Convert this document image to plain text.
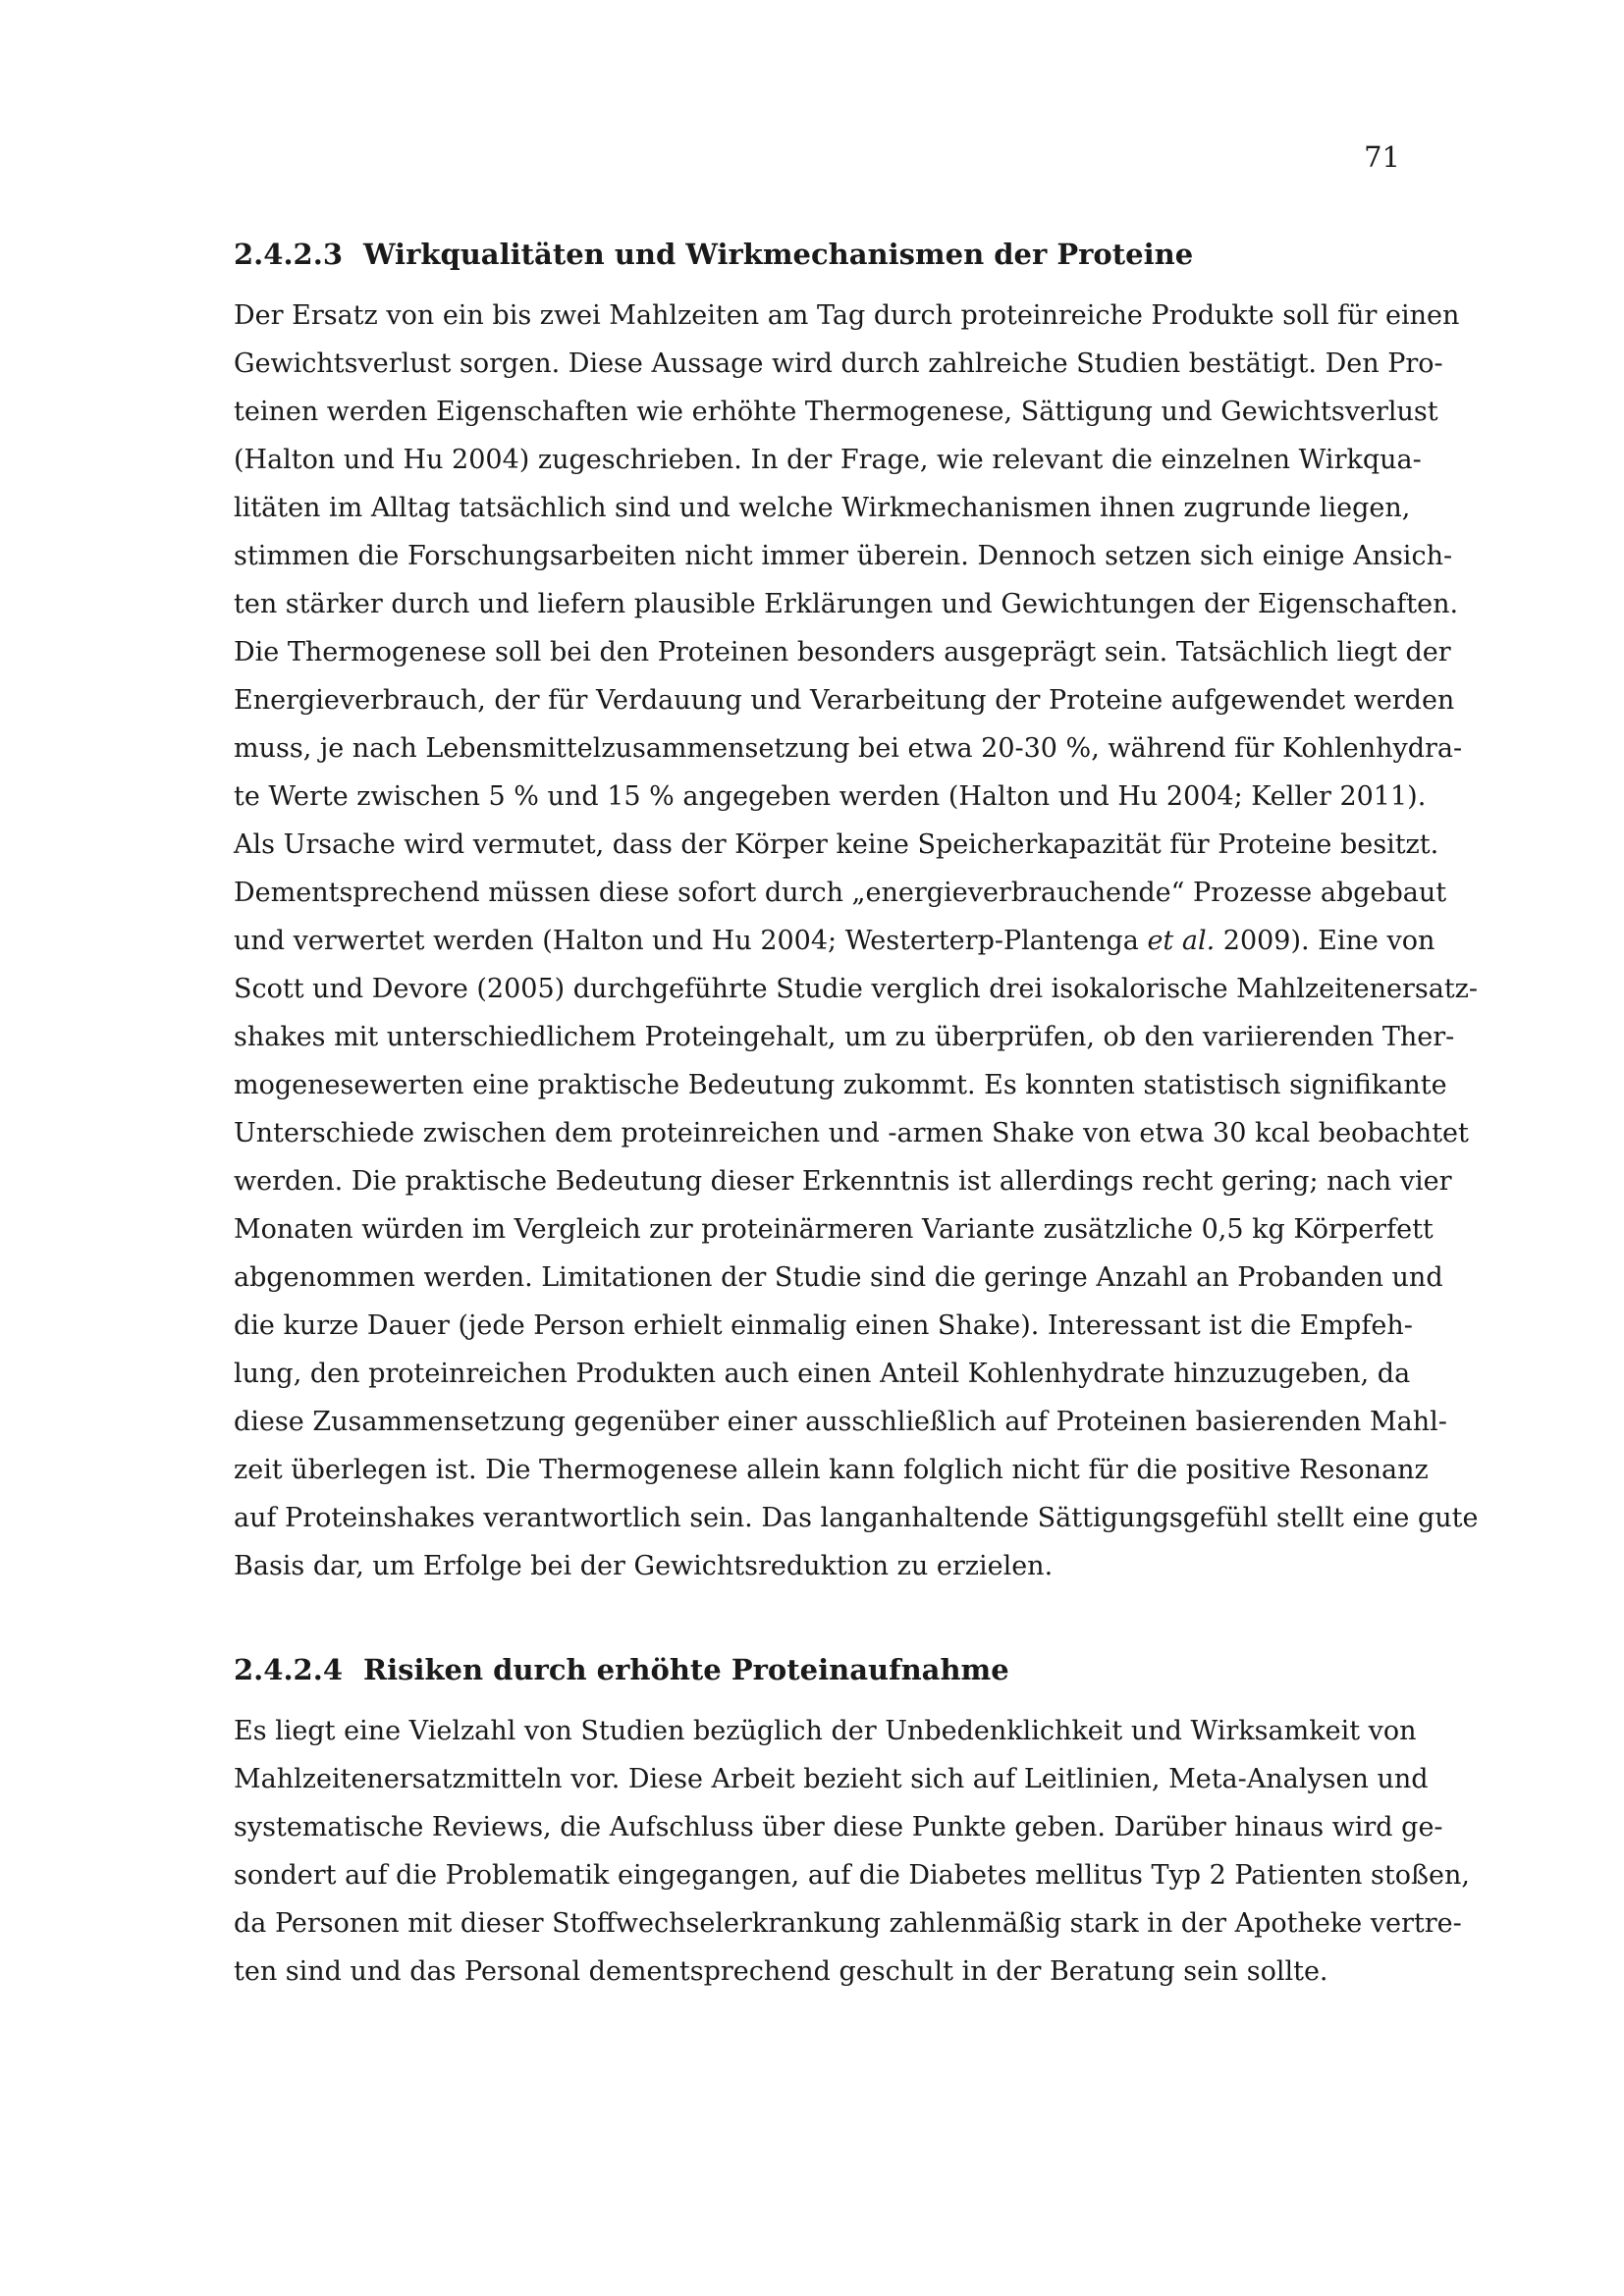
71
2.4.2.3 Wirkqualitäten und Wirkmechanismen der Proteine
Der Ersatz von ein bis zwei Mahlzeiten am Tag durch proteinreiche Produkte soll für einen
Gewichtsverlust sorgen. Diese Aussage wird durch zahlreiche Studien bestätigt. Den Pro-
teinen werden Eigenschaften wie erhöhte Thermogenese, Sättigung und Gewichtsverlust
(Halton und Hu 2004) zugeschrieben. In der Frage, wie relevant die einzelnen Wirkqua-
litäten im Alltag tatsächlich sind und welche Wirkmechanismen ihnen zugrunde liegen,
stimmen die Forschungsarbeiten nicht immer überein. Dennoch setzen sich einige Ansich-
ten stärker durch und liefern plausible Erklärungen und Gewichtungen der Eigenschaften.
Die Thermogenese soll bei den Proteinen besonders ausgeprägt sein. Tatsächlich liegt der
Energieverbrauch, der für Verdauung und Verarbeitung der Proteine aufgewendet werden
muss, je nach Lebensmittelzusammensetzung bei etwa 20-30 %, während für Kohlenhydra-
te Werte zwischen 5 % und 15 % angegeben werden (Halton und Hu 2004; Keller 2011).
Als Ursache wird vermutet, dass der Körper keine Speicherkapazität für Proteine besitzt.
Dementsprechend müssen diese sofort durch „energieverbrauchende“ Prozesse abgebaut
und verwertet werden (Halton und Hu 2004; Westerterp-Plantenga et al. 2009). Eine von
Scott und Devore (2005) durchgeführte Studie verglich drei isokalorische Mahlzeitenersatz-
shakes mit unterschiedlichem Proteingehalt, um zu überprüfen, ob den variierenden Ther-
mogenesewerten eine praktische Bedeutung zukommt. Es konnten statistisch signifikante
Unterschiede zwischen dem proteinreichen und -armen Shake von etwa 30 kcal beobachtet
werden. Die praktische Bedeutung dieser Erkenntnis ist allerdings recht gering; nach vier
Monaten würden im Vergleich zur proteinärmeren Variante zusätzliche 0,5 kg Körperfett
abgenommen werden. Limitationen der Studie sind die geringe Anzahl an Probanden und
die kurze Dauer (jede Person erhielt einmalig einen Shake). Interessant ist die Empfeh-
lung, den proteinreichen Produkten auch einen Anteil Kohlenhydrate hinzuzugeben, da
diese Zusammensetzung gegenüber einer ausschließlich auf Proteinen basierenden Mahl-
zeit überlegen ist. Die Thermogenese allein kann folglich nicht für die positive Resonanz
auf Proteinshakes verantwortlich sein. Das langanhaltende Sättigungsgefühl stellt eine gute
Basis dar, um Erfolge bei der Gewichtsreduktion zu erzielen.
2.4.2.4 Risiken durch erhöhte Proteinaufnahme
Es liegt eine Vielzahl von Studien bezüglich der Unbedenklichkeit und Wirksamkeit von
Mahlzeitenersatzmitteln vor. Diese Arbeit bezieht sich auf Leitlinien, Meta-Analysen und
systematische Reviews, die Aufschluss über diese Punkte geben. Darüber hinaus wird ge-
sondert auf die Problematik eingegangen, auf die Diabetes mellitus Typ 2 Patienten stoßen,
da Personen mit dieser Stoffwechselerkrankung zahlenmäßig stark in der Apotheke vertre-
ten sind und das Personal dementsprechend geschult in der Beratung sein sollte.
